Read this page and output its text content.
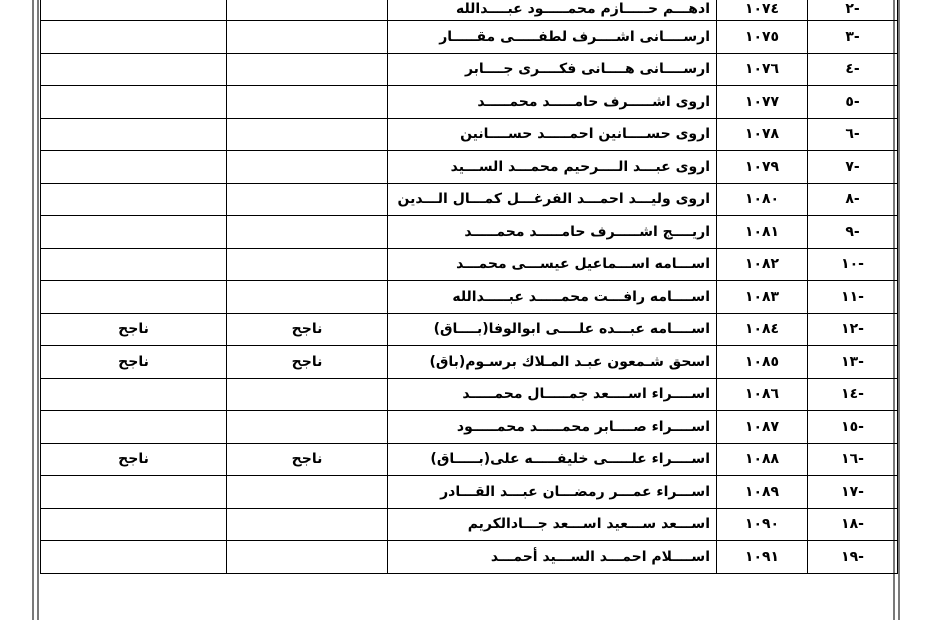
		ادهـــم حـــــازم محمـــــود عبــــدالله	١٠٧٤	٢-
		ارســــانى اشــــرف لطفـــــى مقـــــار	١٠٧٥	٣-
		ارســــانى هــــانى فكــــرى جــــابر	١٠٧٦	٤-
		اروى اشـــــرف حامـــــد محمـــــد	١٠٧٧	٥-
		اروى حســــانين احمـــــد حســــانين	١٠٧٨	٦-
		اروى عبـــد الــــرحيم محمـــد الســـيد	١٠٧٩	٧-
		اروى وليـــد احمـــد الفرغـــل كمـــال الـــدين	١٠٨٠	٨-
		اريــــج اشـــــرف حامـــــد محمـــــد	١٠٨١	٩-
		اســـامه اســـماعيل عيســـى محمـــد	١٠٨٢	١٠-
		اســــامه رافـــت محمـــــد عبـــــدالله	١٠٨٣	١١-
ناجح	ناجح	اســــامه عبـــده علــــى ابوالوفا(بــــاق)	١٠٨٤	١٢-
ناجح	ناجح	اسحق شـمعون عبـد المـلاك برسـوم(باق)	١٠٨٥	١٣-
		اســــراء اســــعد جمـــــال محمـــــد	١٠٨٦	١٤-
		اســــراء صــــابر محمـــــد محمـــــود	١٠٨٧	١٥-
ناجح	ناجح	اســــراء علـــــى خليفـــــه على(بـــــاق)	١٠٨٨	١٦-
		اســـراء عمـــر رمضـــان عبـــد القـــادر	١٠٨٩	١٧-
		اســـعد ســـعيد اســـعد جـــادالكريم	١٠٩٠	١٨-
		اســــلام احمـــد الســـيد أحمـــد	١٠٩١	١٩-
